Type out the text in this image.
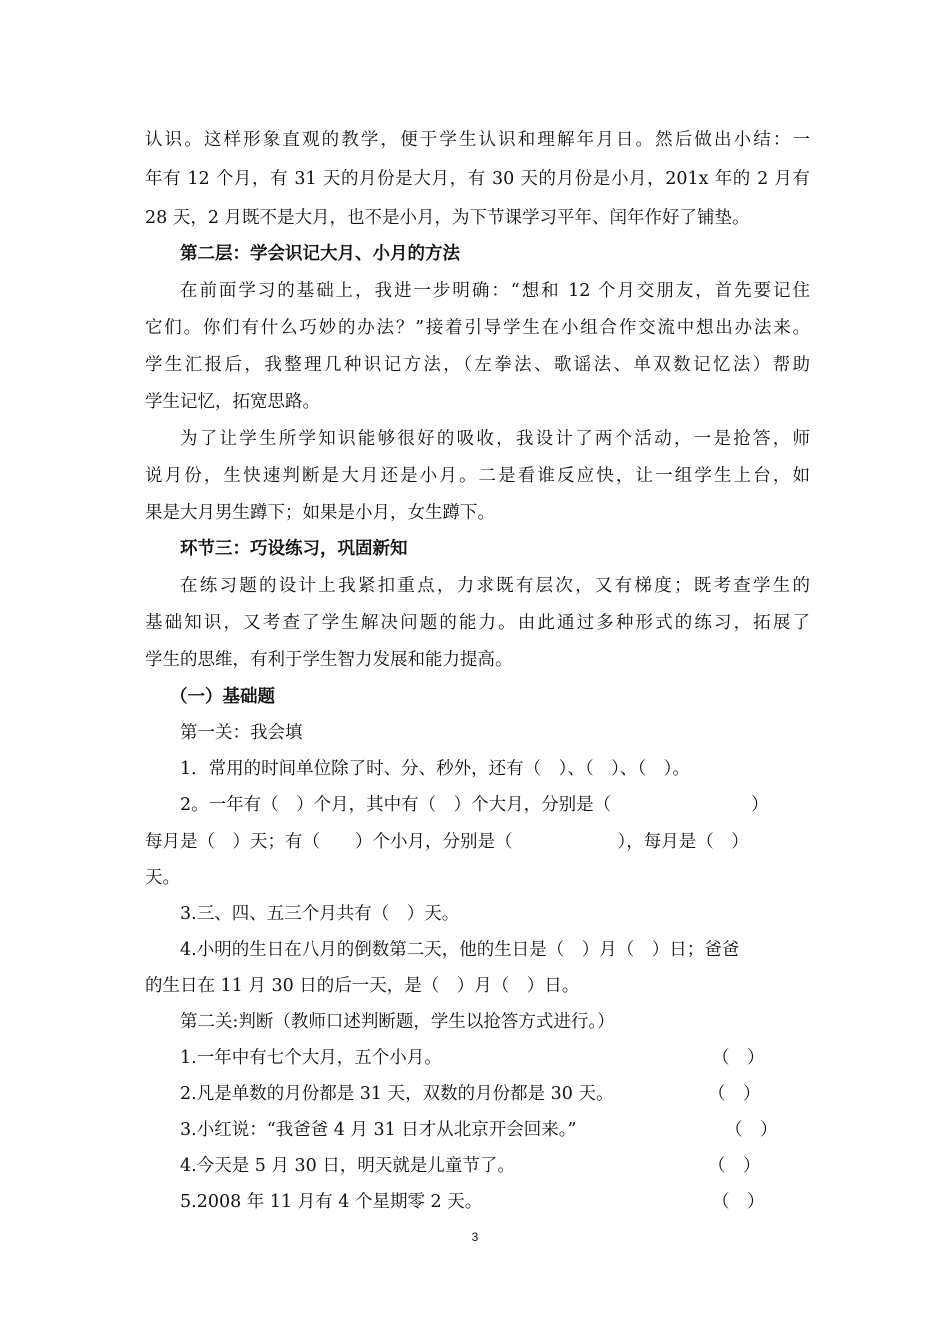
认识。这样形象直观的教学，便于学生认识和理解年月日。然后做出小结：一
年有 12 个月，有 31 天的月份是大月，有 30 天的月份是小月，201x 年的 2 月有
28 天，2 月既不是大月，也不是小月，为下节课学习平年、闰年作好了铺垫。
第二层：学会识记大月、小月的方法
在前面学习的基础上，我进一步明确：“想和 12 个月交朋友，首先要记住
它们。你们有什么巧妙的办法？”接着引导学生在小组合作交流中想出办法来。
学生汇报后，我整理几种识记方法，（左拳法、歌谣法、单双数记忆法）帮助
学生记忆，拓宽思路。
为了让学生所学知识能够很好的吸收，我设计了两个活动，一是抢答，师
说月份，生快速判断是大月还是小月。二是看谁反应快，让一组学生上台，如
果是大月男生蹲下；如果是小月，女生蹲下。
环节三：巧设练习，巩固新知
在练习题的设计上我紧扣重点，力求既有层次，又有梯度；既考查学生的
基础知识，又考查了学生解决问题的能力。由此通过多种形式的练习，拓展了
学生的思维，有利于学生智力发展和能力提高。
（一）基础题
第一关：我会填
1．常用的时间单位除了时、分、秒外，还有（　）、（　）、（　）。
2。一年有（　）个月，其中有（　）个大月，分别是（　　　　　　　　）
每月是（　）天；有（　　）个小月，分别是（　　　　　　），每月是（　）
天。
3.三、四、五三个月共有（　）天。
4.小明的生日在八月的倒数第二天，他的生日是（　）月（　）日；爸爸
的生日在 11 月 30 日的后一天，是（　）月（　）日。
第二关:判断（教师口述判断题，学生以抢答方式进行。）
1.一年中有七个大月，五个小月。	（　）
2.凡是单数的月份都是 31 天，双数的月份都是 30 天。	（　）
3.小红说：“我爸爸 4 月 31 日才从北京开会回来。”	（　）
4.今天是 5 月 30 日，明天就是儿童节了。	（　）
5.2008 年 11 月有 4 个星期零 2 天。	（　）
3
